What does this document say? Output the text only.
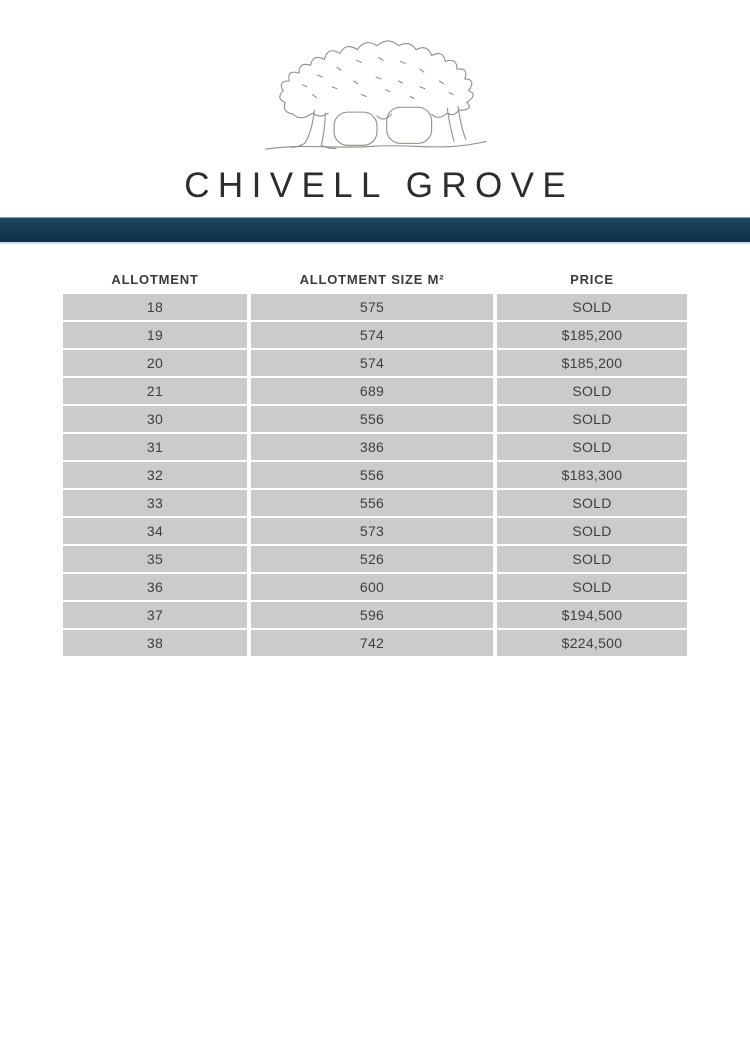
CHIVELL GROVE
ALLOTMENT	ALLOTMENT SIZE M²	PRICE
18	575	SOLD
19	574	$185,200
20	574	$185,200
21	689	SOLD
30	556	SOLD
31	386	SOLD
32	556	$183,300
33	556	SOLD
34	573	SOLD
35	526	SOLD
36	600	SOLD
37	596	$194,500
38	742	$224,500
